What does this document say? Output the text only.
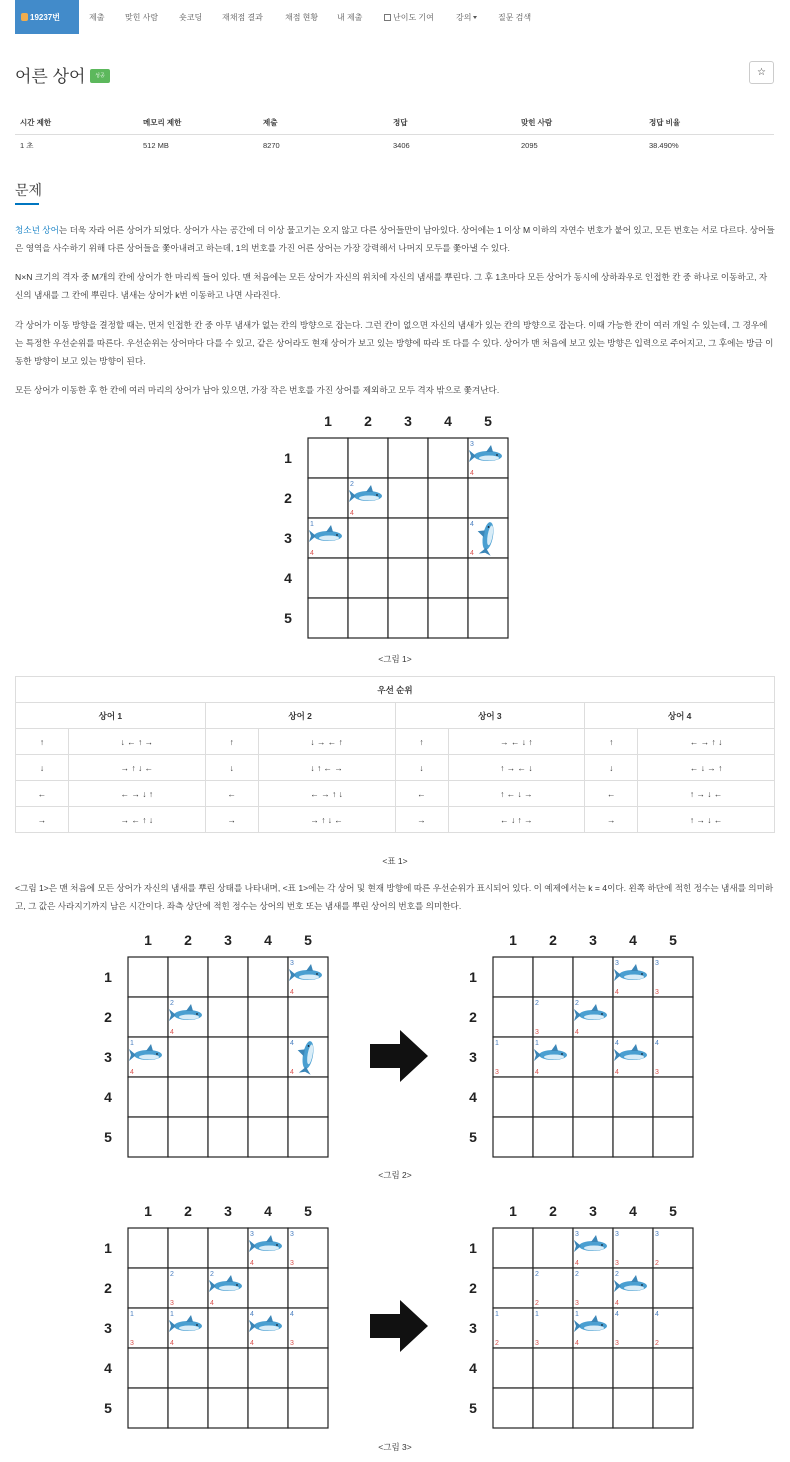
19237번	제출	맞힌 사람	숏코딩 재채점 결과	채점 현황 내 제출	난이도 기여	강의	질문 검색
어른 상어	성공	☆
시간 제한	메모리 제한	제출	정답	맞힌 사람	정답 비율
1 초	512 MB	8270	3406	2095	38.490%
문제
청소년 상어는 더욱 자라 어른 상어가 되었다. 상어가 사는 공간에 더 이상 물고기는 오지 않고 다른 상어들만이 남아있다. 상어에는 1 이상 M 이하의 자연수 번호가 붙어 있고, 모든 번호는 서로 다르다. 상어들은 영역을 사수하기 위해 다른 상어들을 쫓아내려고 하는데, 1의 번호를 가진 어른 상어는 가장 강력해서 나머지 모두를 쫓아낼 수 있다.
N×N 크기의 격자 중 M개의 칸에 상어가 한 마리씩 들어 있다. 맨 처음에는 모든 상어가 자신의 위치에 자신의 냄새를 뿌린다. 그 후 1초마다 모든 상어가 동시에 상하좌우로 인접한 칸 중 하나로 이동하고, 자신의 냄새를 그 칸에 뿌린다. 냄새는 상어가 k번 이동하고 나면 사라진다.
각 상어가 이동 방향을 결정할 때는, 먼저 인접한 칸 중 아무 냄새가 없는 칸의 방향으로 잡는다. 그런 칸이 없으면 자신의 냄새가 있는 칸의 방향으로 잡는다. 이때 가능한 칸이 여러 개일 수 있는데, 그 경우에는 특정한 우선순위를 따른다. 우선순위는 상어마다 다를 수 있고, 같은 상어라도 현재 상어가 보고 있는 방향에 따라 또 다를 수 있다. 상어가 맨 처음에 보고 있는 방향은 입력으로 주어지고, 그 후에는 방금 이동한 방향이 보고 있는 방향이 된다.
모든 상어가 이동한 후 한 칸에 여러 마리의 상어가 남아 있으면, 가장 작은 번호를 가진 상어를 제외하고 모두 격자 밖으로 쫓겨난다.
1 2 3 4 5
1
2
3
4
5
3
4
2
4
1
4
4
4
<그림 1>
우선 순위							
상어 1		상어 2		상어 3		상어 4	
↑	↓ ← ↑ →	↑	↓ → ← ↑	↑	→ ← ↓ ↑	↑	← → ↑ ↓
↓	→ ↑ ↓ ←	↓	↓ ↑ ← →	↓	↑ → ← ↓	↓	← ↓ → ↑
←	← → ↓ ↑	←	← → ↑ ↓	←	↑ ← ↓ →	←	↑ → ↓ ←
→	→ ← ↑ ↓	→	→ ↑ ↓ ←	→	← ↓ ↑ →	→	↑ → ↓ ←
<표 1>
<그림 1>은 맨 처음에 모든 상어가 자신의 냄새를 뿌린 상태를 나타내며, <표 1>에는 각 상어 및 현재 방향에 따른 우선순위가 표시되어 있다. 이 예제에서는 k = 4이다. 왼쪽 하단에 적힌 정수는 냄새를 의미하고, 그 값은 사라지기까지 남은 시간이다. 좌측 상단에 적힌 정수는 상어의 번호 또는 냄새를 뿌린 상어의 번호를 의미한다.
1 2 3 4 5
1
2
3
4
5
3
4
2
4
1
4
4
4
1 2 3 4 5
1
2
3
4
5
3
4
3
3
2
3
2
4
1
3
1
4
4
4
4
3
<그림 2>
1 2 3 4 5
1
2
3
4
5
3
4
3
3
2
3
2
4
1
3
1
4
4
4
4
3
1 2 3 4 5
1
2
3
4
5
3
4
3
3
3
2
2
2
2
3
2
4
1
2
1
3
1
4
4
3
4
2
<그림 3>
